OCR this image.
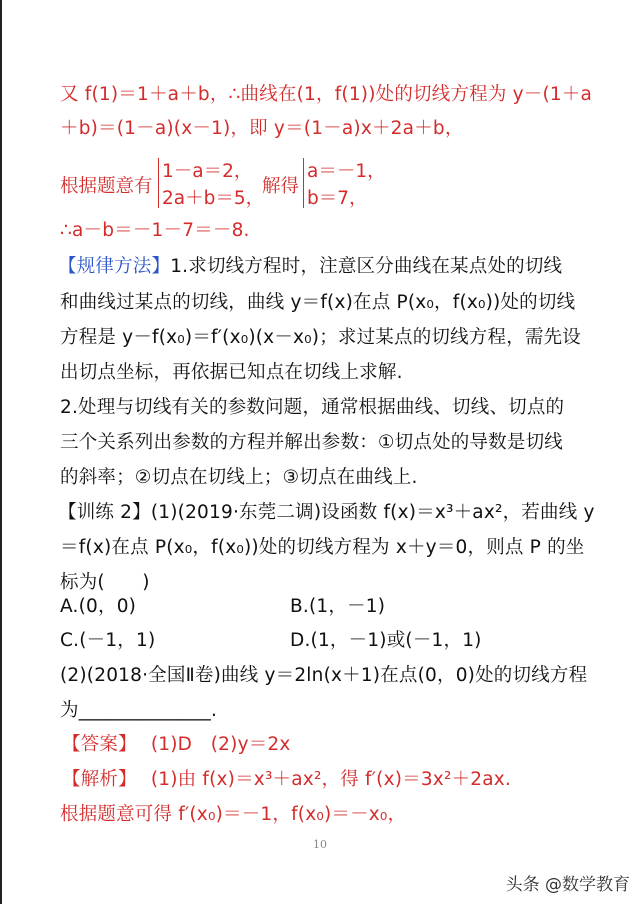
又 f(1)＝1＋a＋b，∴曲线在(1，f(1))处的切线方程为 y－(1＋a
＋b)＝(1－a)(x－1)，即 y＝(1－a)x＋2a＋b，
根据题意有
1－a＝2，
2a＋b＝5，
解得
a＝－1，
b＝7，
∴a－b＝－1－7＝－8.
【规律方法】1.求切线方程时，注意区分曲线在某点处的切线
和曲线过某点的切线，曲线 y＝f(x)在点 P(x₀，f(x₀))处的切线
方程是 y－f(x₀)＝f′(x₀)(x－x₀)；求过某点的切线方程，需先设
出切点坐标，再依据已知点在切线上求解.
2.处理与切线有关的参数问题，通常根据曲线、切线、切点的
三个关系列出参数的方程并解出参数：①切点处的导数是切线
的斜率；②切点在切线上；③切点在曲线上.
【训练 2】(1)(2019·东莞二调)设函数 f(x)＝x³＋ax²，若曲线 y
＝f(x)在点 P(x₀，f(x₀))处的切线方程为 x＋y＝0，则点 P 的坐
标为(　　)
A.(0，0)	B.(1，－1)
C.(－1，1)	D.(1，－1)或(－1，1)
(2)(2018·全国Ⅱ卷)曲线 y＝2ln(x＋1)在点(0，0)处的切线方程
为______________.
【答案】 (1)D　(2)y＝2x
【解析】 (1)由 f(x)＝x³＋ax²，得 f′(x)＝3x²＋2ax.
根据题意可得 f′(x₀)＝－1，f(x₀)＝－x₀，
10
头条 @数学教育
